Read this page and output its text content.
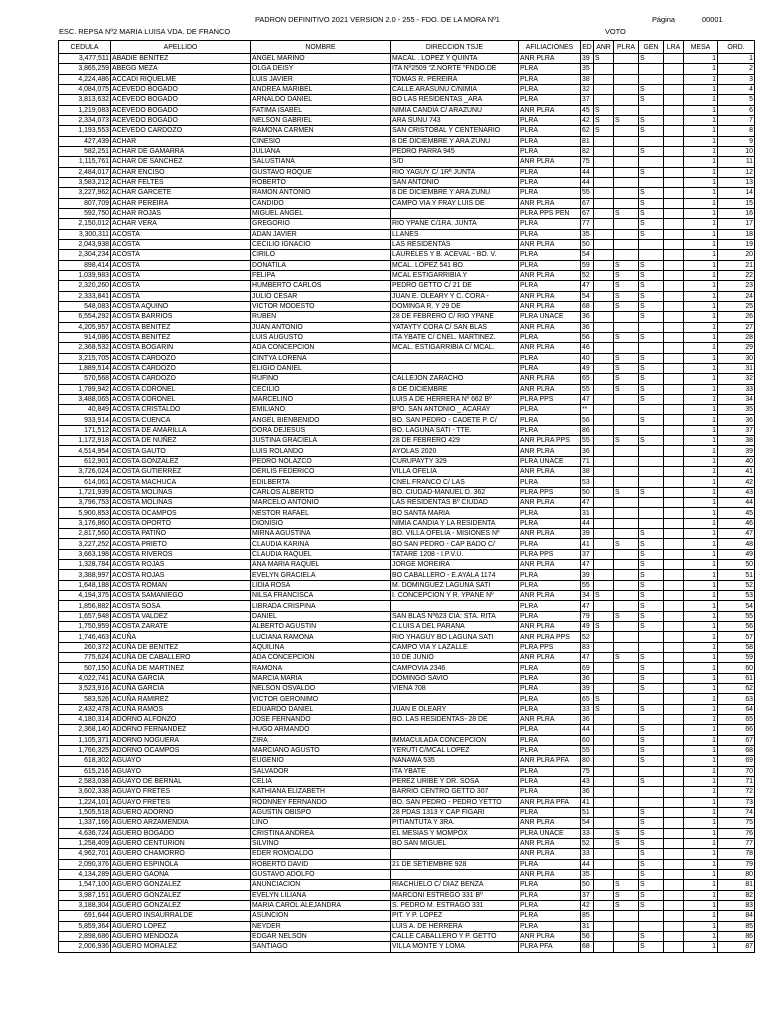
PADRON DEFINITIVO 2021 VERSION 2.0 - 255 - FDO. DE LA MORA Nº1	Página	00001
ESC. REPSA Nº2 MARIA LUISA VDA. DE FRANCO	VOTO
CEDULA	APELLIDO	NOMBRE	DIRECCION TSJE	AFILIACIONES	ED	ANR	PLRA	GEN	LRA	MESA	ORD.
3,477,511	ABADIE BENITEZ	ANGEL MARINO	MACAL . LOPEZ Y QUINTA	ANR PLRA	39	S		S		1	1
3,865,259	ABEGG MEZA	OLGA DEISY	ITA Nº2509 "Z.NORTE "FNDO.DE	PLRA	35					1	2
4,224,486	ACCADI RIQUELME	LUIS JAVIER	TOMAS R. PEREIRA	PLRA	38					1	3
4,084,075	ACEVEDO BOGADO	ANDREA MARIBEL	CALLE ARASUNU C/NIMIA	PLRA	32			S		1	4
3,813,632	ACEVEDO BOGADO	ARNALDO DANIEL	BO LAS RESIDENTAS _ARA	PLRA	37			S		1	5
1,219,083	ACEVEDO BOGADO	FATIMA ISABEL	NIMIA CANDIA C/ ARAZUNU	ANR PLRA	45	S				1	6
2,334,073	ACEVEDO BOGADO	NELSON GABRIEL	ARA SUNU 743	PLRA	42	S	S	S		1	7
1,193,553	ACEVEDO CARDOZO	RAMONA CARMEN	SAN CRISTOBAL Y CENTENARIO	PLRA	62	S		S		1	8
427,439	ACHAR	CINESIO	8 DE DICIEMBRE Y ARA ZUNU	PLRA	81					1	9
582,251	ACHAR DE GAMARRA	JULIANA	PEDRO PARRA 945	PLRA	82			S		1	10
1,115,761	ACHAR DE SANCHEZ	SALUSTIANA	S/D	ANR PLRA	75					1	11
2,484,017	ACHAR ENCISO	GUSTAVO ROQUE	RIO YAGUY C/ 1Rª JUNTA	PLRA	44			S		1	12
3,583,212	ACHAR FELTES	ROBERTO	SAN ANTONIO	PLRA	44					1	13
3,227,962	ACHAR GARCETE	RAMON ANTONIO	8 DE DICIEMBRE Y ARA ZUNU	PLRA	55			S		1	14
807,709	ACHAR PEREIRA	CANDIDO	CAMPO VIA Y FRAY LUIS DE	ANR PLRA	67			S		1	15
592,750	ACHAR ROJAS	MIGUEL ANGEL		PLRA PPS PEN	67		S	S		1	16
2,150,012	ACHAR VERA	GREGORIO	RIO YPANE C/1RA. JUNTA	PLRA	77			S		1	17
3,300,311	ACOSTA	ADAN JAVIER	LLANES	PLRA	35			S		1	18
2,043,938	ACOSTA	CECILIO IGNACIO	LAS RESIDENTAS	ANR PLRA	50					1	19
2,304,234	ACOSTA	CIRILO	LAURELES Y B. ACEVAL - BO. V.	PLRA	54					1	20
898,414	ACOSTA	DONATILA	MCAL. LOPEZ 541 BO.	PLRA	59		S	S		1	21
1,039,983	ACOSTA	FELIPA	MCAL ESTIGARRIBIA Y	ANR PLRA	52		S	S		1	22
2,320,260	ACOSTA	HUMBERTO CARLOS	PEDRO GETTO C/ 21 DE	PLRA	47		S	S		1	23
2,333,841	ACOSTA	JULIO CESAR	JUAN E. OLEARY Y C. CORA -	ANR PLRA	54		S	S		1	24
548,083	ACOSTA AQUINO	VICTOR MODESTO	DOMINGA R. Y 29 DE	ANR PLRA	68		S	S		1	25
6,554,292	ACOSTA BARRIOS	RUBEN	28 DE FEBRERO C/ RIO YPANE	PLRA UNACE	36			S		1	26
4,205,957	ACOSTA BENITEZ	JUAN ANTONIO	YATAYTY CORA C/ SAN BLAS	ANR PLRA	36					1	27
914,086	ACOSTA BENITEZ	LUIS AUGUSTO	ITA YBATE C/ CNEL. MARTINEZ.	PLRA	56		S	S		1	28
2,368,532	ACOSTA BOGARIN	ADA CONCEPCION	MCAL. ESTIGARRIBIA C/ MCAL.	ANR PLRA	46					1	29
3,215,705	ACOSTA CARDOZO	CINTYA LORENA		PLRA	40		S	S		1	30
1,889,514	ACOSTA CARDOZO	ELIGIO DANIEL		PLRA	49		S	S		1	31
570,568	ACOSTA CARDOZO	RUFINO	CALLEJON ZARACHO	ANR PLRA	65		S	S		1	32
1,789,942	ACOSTA CORONEL	CECILIO	8 DE DICIEMBRE	ANR PLRA	55		S	S		1	33
3,488,065	ACOSTA CORONEL	MARCELINO	LUIS A DE HERRERA Nº 662 Bº	PLRA PPS	47			S		1	34
40,849	ACOSTA CRISTALDO	EMILIANO	BºO. SAN ANTONIO _ ACARAY	PLRA	**					1	35
933,914	ACOSTA CUENCA	ANGEL BIENBENIDO	BO. SAN PEDRO - CADETE P. C/	PLRA	56			S		1	36
171,512	ACOSTA DE AMARILLA	DORA DEJESUS	BO. LAGUNA SATI - TTE.	PLRA	86					1	37
1,172,918	ACOSTA DE NUÑEZ	JUSTINA GRACIELA	28 DE FEBRERO 429	ANR PLRA PPS	55		S	S		1	38
4,514,954	ACOSTA GAUTO	LUIS ROLANDO	AYOLAS 2020	ANR PLRA	36					1	39
612,901	ACOSTA GONZALEZ	PEDRO NOLAZCO	CURUPAYTY 329	PLRA UNACE	71					1	40
3,726,024	ACOSTA GUTIERREZ	DERLIS FEDERICO	VILLA OFELIA	ANR PLRA	38					1	41
614,061	ACOSTA MACHUCA	EDILBERTA	CNEL FRANCO C/ LAS	PLRA	53					1	42
1,721,939	ACOSTA MOLINAS	CARLOS ALBERTO	BO. CIUDAD-MANUEL D. 362	PLRA PPS	50		S	S		1	43
3,796,753	ACOSTA MOLINAS	MARCELO ANTONIO	LAS RESIDENTAS Bº CIUDAD	ANR PLRA	47					1	44
5,900,853	ACOSTA OCAMPOS	NESTOR RAFAEL	BO SANTA MARIA	PLRA	31					1	45
3,176,860	ACOSTA OPORTO	DIONISIO	NIMIA CANDIA Y LA RESIDENTA	PLRA	44					1	46
2,817,560	ACOSTA PATIÑO	MIRNA AGUSTINA	BO. VILLA OFELIA - MISIONES Nº	ANR PLRA	39			S		1	47
3,227,252	ACOSTA PRIETO	CLAUDIA KARINA	BO SAN PEDRO - CAP BADO C/	PLRA	41		S	S		1	48
3,663,198	ACOSTA RIVEROS	CLAUDIA RAQUEL	TATARE 1208 - I.P.V.U.	PLRA PPS	37			S		1	49
1,328,784	ACOSTA ROJAS	ANA MARIA RAQUEL	JORGE MOREIRA	ANR PLRA	47			S		1	50
3,388,997	ACOSTA ROJAS	EVELYN GRACIELA	BO CABALLERO - E.AYALA 1174	PLRA	39			S		1	51
1,648,188	ACOSTA ROMAN	LIDIA ROSA	M. DOMINGUEZ LAGUNA SATI	PLRA	55			S		1	52
4,194,375	ACOSTA SAMANIEGO	NILSA FRANCISCA	I. CONCEPCION Y R. YPANE Nº	ANR PLRA	34	S		S		1	53
1,856,882	ACOSTA SOSA	LIBRADA CRISPINA		PLRA	47			S		1	54
1,657,948	ACOSTA VALDEZ	DANIEL	SAN BLAS Nº623 CIA: STA. RITA	PLRA	79		S	S		1	55
1,750,959	ACOSTA ZARATE	ALBERTO AGUSTIN	C.LUIS A DEL PARANA	ANR PLRA	49	S		S		1	56
1,746,463	ACUÑA	LUCIANA RAMONA	RIO YHAGUY BO LAGUNA SATI	ANR PLRA PPS	52					1	57
260,372	ACUÑA DE BENITEZ	AQUILINA	CAMPO VIA Y LAZALLE	PLRA PPS	83					1	58
775,624	ACUÑA DE CABALLERO	ADA CONCEPCION	10 DE JUNIO	ANR PLRA	47		S	S		1	59
507,150	ACUÑA DE MARTINEZ	RAMONA	CAMPOVIA 2346	PLRA	69			S		1	60
4,022,741	ACUÑA GARCIA	MARCIA MARIA	DOMINGO SAVIO	PLRA	36			S		1	61
3,523,916	ACUÑA GARCIA	NELSON OSVALDO	VIENA 708	PLRA	39			S		1	62
583,526	ACUÑA RAMIREZ	VICTOR GERONIMO		PLRA	65	S				1	63
2,432,478	ACUÑA RAMOS	EDUARDO DANIEL	JUAN E OLEARY	PLRA	33	S		S		1	64
4,180,314	ADORNO ALFONZO	JOSE FERNANDO	BO. LAS RESIDENTAS- 28 DE	ANR PLRA	36					1	65
2,368,140	ADORNO FERNANDEZ	HUGO ARMANDO		PLRA	44			S		1	66
1,105,371	ADORNO NOGUERA	ZIRA	IMMACULADA CONCEPCION	PLRA	60			S		1	67
1,766,325	ADORNO OCAMPOS	MARCIANO AGUSTO	YERUTI C/MCAL LOPEZ	PLRA	55			S		1	68
618,302	AGUAYO	EUGENIO	NANAWA 535	ANR PLRA PFA	80			S		1	69
615,216	AGUAYO	SALVADOR	ITA YBATE	PLRA	75					1	70
2,583,038	AGUAYO DE BERNAL	CELIA	PEREZ URIBE Y DR. SOSA	PLRA	43			S		1	71
3,602,338	AGUAYO FRETES	KATHIANA ELIZABETH	BARRIO CENTRO GETTO 307	PLRA	36					1	72
1,224,101	AGUAYO FRETES	RODNNEY FERNANDO	BO. SAN PEDRO - PEDRO YETTO	ANR PLRA PFA	41					1	73
1,505,518	AGUERO ADORNO	AGUSTIN OBISPO	28 PDAS 1313 Y CAP FIGARI	PLRA	51			S		1	74
1,337,166	AGUERO ARZAMENDIA	LINO	PITIANTUTA Y 3RA.	ANR PLRA	54			S		1	75
4,636,724	AGUERO BOGADO	CRISTINA ANDREA	EL MESIAS Y MOMPOX	PLRA UNACE	33		S	S		1	76
1,258,409	AGUERO CENTURION	SILVINO	BO SAN MIGUEL	ANR PLRA	52		S	S		1	77
4,962,701	AGUERO CHAMORRO	EDER ROMOALDO		ANR PLRA	33			S		1	78
2,090,376	AGUERO ESPINOLA	ROBERTO DAVID	21 DE SETIEMBRE 928	PLRA	44			S		1	79
4,134,289	AGUERO GAONA	GUSTAVO ADOLFO		ANR PLRA	35			S		1	80
1,547,100	AGUERO GONZALEZ	ANUNCIACION	RIACHUELO C/ DIAZ BENZA	PLRA	50		S	S		1	81
3,987,151	AGUERO GONZALEZ	EVELYN LILIANA	MARCONI ESTREGO 331 Bº	PLRA	37		S	S		1	82
3,188,304	AGUERO GONZALEZ	MARIA CAROL ALEJANDRA	S. PEDRO M. ESTRAGO 331	PLRA	42		S	S		1	83
691,644	AGUERO INSAURRALDE	ASUNCION	PIT. Y P. LOPEZ	PLRA	85					1	84
5,859,364	AGUERO LOPEZ	NEYDER	LUIS A. DE HERRERA	PLRA	31					1	85
2,898,686	AGUERO MENDOZA	EDGAR NELSON	CALLE CABALLERO Y P. GETTO	ANR PLRA	56			S		1	86
2,006,936	AGUERO MORALEZ	SANTIAGO	VILLA MONTE Y LOMA	PLRA PFA	68			S		1	87
